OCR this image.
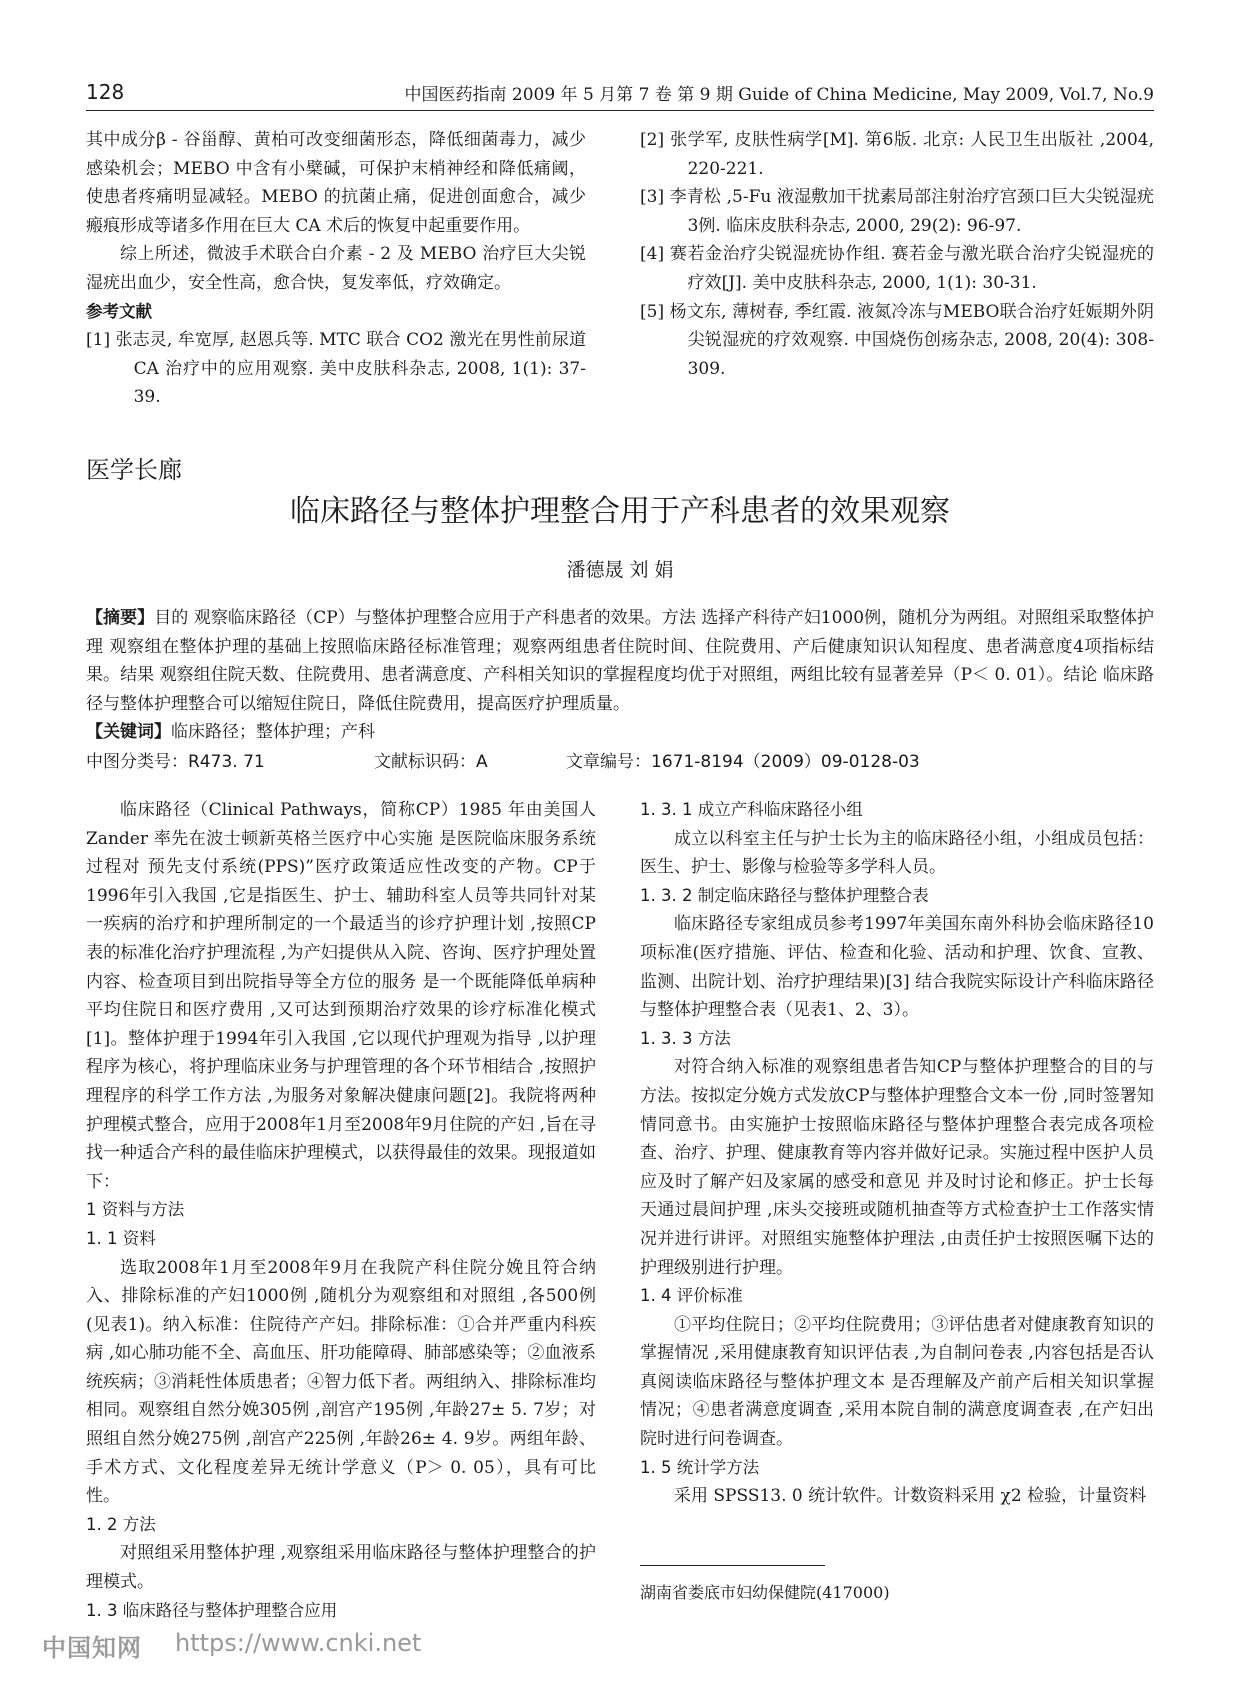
128	中国医药指南 2009 年 5 月第 7 卷 第 9 期 Guide of China Medicine, May 2009, Vol.7, No.9

其中成分β - 谷甾醇、黄柏可改变细菌形态，降低细菌毒力，减少感染机会；MEBO 中含有小檗碱，可保护末梢神经和降低痛阈，使患者疼痛明显减轻。MEBO 的抗菌止痛，促进创面愈合，减少瘢痕形成等诸多作用在巨大 CA 术后的恢复中起重要作用。

综上所述，微波手术联合白介素 - 2 及 MEBO 治疗巨大尖锐湿疣出血少，安全性高，愈合快，复发率低，疗效确定。

参考文献

[1] 张志灵, 牟宽厚, 赵恩兵等. MTC 联合 CO2 激光在男性前尿道 CA 治疗中的应用观察. 美中皮肤科杂志, 2008, 1(1): 37-39.

[2] 张学军, 皮肤性病学[M]. 第6版. 北京: 人民卫生出版社 ,2004, 220-221.

[3] 李青松 ,5-Fu 液湿敷加干扰素局部注射治疗宫颈口巨大尖锐湿疣3例. 临床皮肤科杂志, 2000, 29(2): 96-97.

[4] 赛若金治疗尖锐湿疣协作组. 赛若金与激光联合治疗尖锐湿疣的疗效[J]. 美中皮肤科杂志, 2000, 1(1): 30-31.

[5] 杨文东, 薄树春, 季红霞. 液氮冷冻与MEBO联合治疗妊娠期外阴尖锐湿疣的疗效观察. 中国烧伤创疡杂志, 2008, 20(4): 308-309.

医学长廊
临床路径与整体护理整合用于产科患者的效果观察
潘德晟 刘 娟

【摘要】目的 观察临床路径（CP）与整体护理整合应用于产科患者的效果。方法 选择产科待产妇1000例，随机分为两组。对照组采取整体护理 观察组在整体护理的基础上按照临床路径标准管理；观察两组患者住院时间、住院费用、产后健康知识认知程度、患者满意度4项指标结果。结果 观察组住院天数、住院费用、患者满意度、产科相关知识的掌握程度均优于对照组，两组比较有显著差异（P＜ 0. 01）。结论 临床路径与整体护理整合可以缩短住院日，降低住院费用，提高医疗护理质量。

【关键词】临床路径；整体护理；产科

中图分类号：R473. 71	文献标识码：A	文章编号：1671-8194（2009）09-0128-03

临床路径（Clinical Pathways，简称CP）1985 年由美国人 Zander 率先在波士顿新英格兰医疗中心实施 是医院临床服务系统过程对 预先支付系统(PPS)”医疗政策适应性改变的产物。CP于1996年引入我国 ,它是指医生、护士、辅助科室人员等共同针对某一疾病的治疗和护理所制定的一个最适当的诊疗护理计划 ,按照CP表的标准化治疗护理流程 ,为产妇提供从入院、咨询、医疗护理处置内容、检查项目到出院指导等全方位的服务 是一个既能降低单病种平均住院日和医疗费用 ,又可达到预期治疗效果的诊疗标准化模式[1]。整体护理于1994年引入我国 ,它以现代护理观为指导 ,以护理程序为核心，将护理临床业务与护理管理的各个环节相结合 ,按照护理程序的科学工作方法 ,为服务对象解决健康问题[2]。我院将两种护理模式整合，应用于2008年1月至2008年9月住院的产妇 ,旨在寻找一种适合产科的最佳临床护理模式，以获得最佳的效果。现报道如下：

1 资料与方法

1. 1 资料

选取2008年1月至2008年9月在我院产科住院分娩且符合纳入、排除标准的产妇1000例 ,随机分为观察组和对照组 ,各500例(见表1)。纳入标准：住院待产产妇。排除标准：①合并严重内科疾病 ,如心肺功能不全、高血压、肝功能障碍、肺部感染等；②血液系统疾病；③消耗性体质患者；④智力低下者。两组纳入、排除标准均相同。观察组自然分娩305例 ,剖宫产195例 ,年龄27± 5. 7岁；对照组自然分娩275例 ,剖宫产225例 ,年龄26± 4. 9岁。两组年龄、手术方式、文化程度差异无统计学意义（P＞ 0. 05），具有可比性。

1. 2 方法

对照组采用整体护理 ,观察组采用临床路径与整体护理整合的护理模式。

1. 3 临床路径与整体护理整合应用

1. 3. 1 成立产科临床路径小组

成立以科室主任与护士长为主的临床路径小组，小组成员包括：医生、护士、影像与检验等多学科人员。

1. 3. 2 制定临床路径与整体护理整合表

临床路径专家组成员参考1997年美国东南外科协会临床路径10项标准(医疗措施、评估、检查和化验、活动和护理、饮食、宣教、监测、出院计划、治疗护理结果)[3] 结合我院实际设计产科临床路径与整体护理整合表（见表1、2、3）。

1. 3. 3 方法

对符合纳入标准的观察组患者告知CP与整体护理整合的目的与方法。按拟定分娩方式发放CP与整体护理整合文本一份 ,同时签署知情同意书。由实施护士按照临床路径与整体护理整合表完成各项检查、治疗、护理、健康教育等内容并做好记录。实施过程中医护人员应及时了解产妇及家属的感受和意见 并及时讨论和修正。护士长每天通过晨间护理 ,床头交接班或随机抽查等方式检查护士工作落实情况并进行讲评。对照组实施整体护理法 ,由责任护士按照医嘱下达的护理级别进行护理。

1. 4 评价标准

①平均住院日；②平均住院费用；③评估患者对健康教育知识的掌握情况 ,采用健康教育知识评估表 ,为自制问卷表 ,内容包括是否认真阅读临床路径与整体护理文本 是否理解及产前产后相关知识掌握情况；④患者满意度调查 ,采用本院自制的满意度调查表 ,在产妇出院时进行问卷调查。

1. 5 统计学方法

采用 SPSS13. 0 统计软件。计数资料采用 χ2 检验，计量资料

湖南省娄底市妇幼保健院(417000)
中国知网 https://www.cnki.net
